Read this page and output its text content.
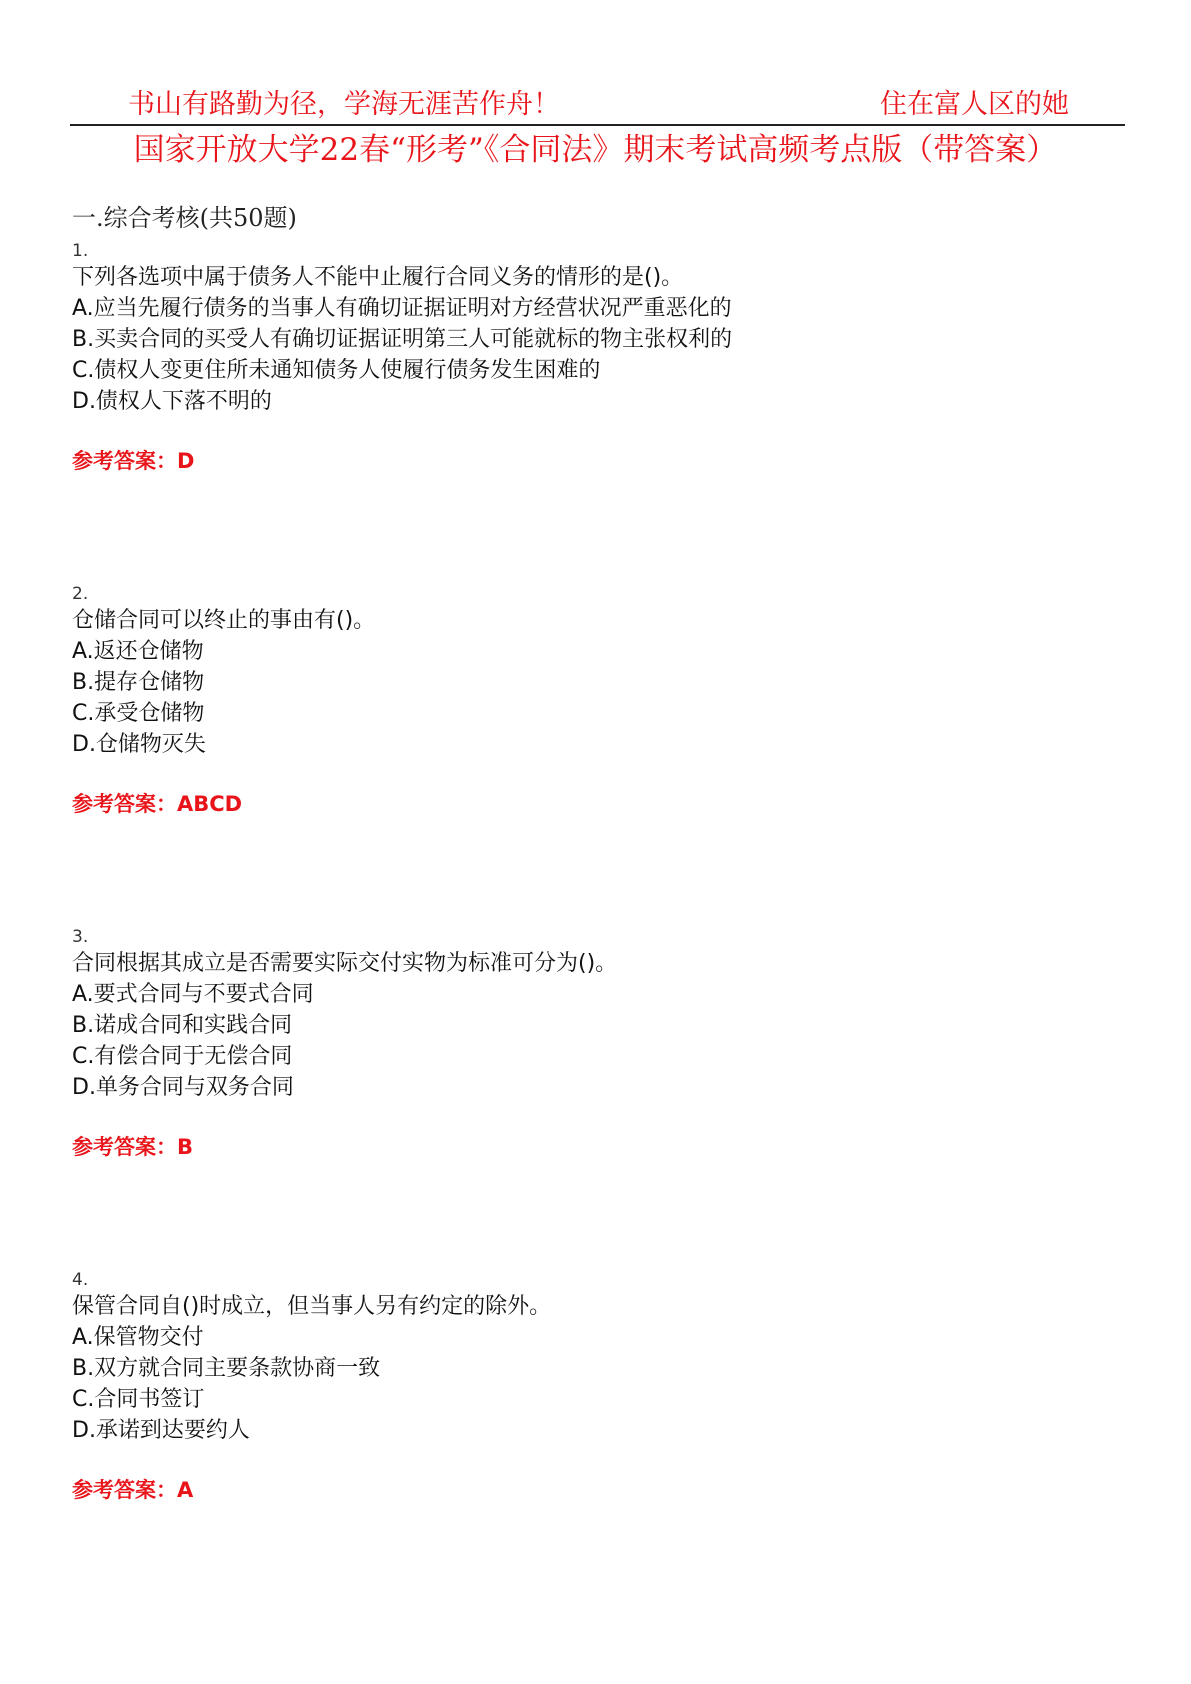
书山有路勤为径，学海无涯苦作舟！	住在富人区的她
国家开放大学22春“形考”《合同法》期末考试高频考点版（带答案）
一.综合考核(共50题)
1.
下列各选项中属于债务人不能中止履行合同义务的情形的是()。
A.应当先履行债务的当事人有确切证据证明对方经营状况严重恶化的
B.买卖合同的买受人有确切证据证明第三人可能就标的物主张权利的
C.债权人变更住所未通知债务人使履行债务发生困难的
D.债权人下落不明的
参考答案：D
2.
仓储合同可以终止的事由有()。
A.返还仓储物
B.提存仓储物
C.承受仓储物
D.仓储物灭失
参考答案：ABCD
3.
合同根据其成立是否需要实际交付实物为标准可分为()。
A.要式合同与不要式合同
B.诺成合同和实践合同
C.有偿合同于无偿合同
D.单务合同与双务合同
参考答案：B
4.
保管合同自()时成立，但当事人另有约定的除外。
A.保管物交付
B.双方就合同主要条款协商一致
C.合同书签订
D.承诺到达要约人
参考答案：A
